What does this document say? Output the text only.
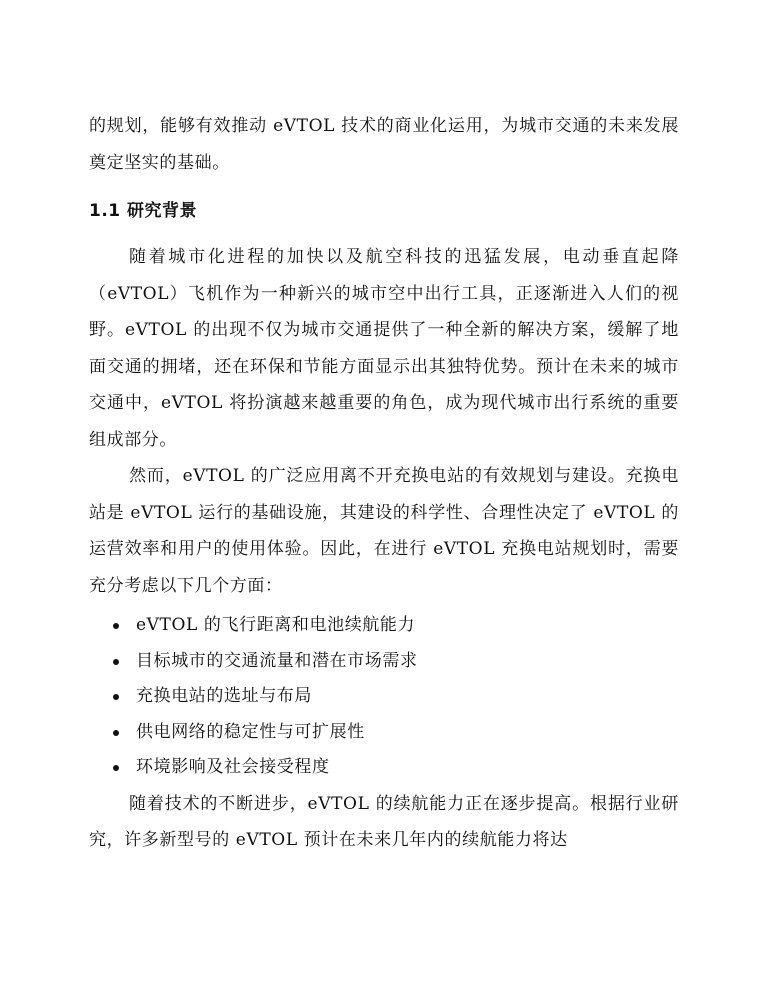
的规划，能够有效推动 eVTOL 技术的商业化运用，为城市交通的未来发展奠定坚实的基础。

1.1 研究背景

随着城市化进程的加快以及航空科技的迅猛发展，电动垂直起降（eVTOL）飞机作为一种新兴的城市空中出行工具，正逐渐进入人们的视野。eVTOL 的出现不仅为城市交通提供了一种全新的解决方案，缓解了地面交通的拥堵，还在环保和节能方面显示出其独特优势。预计在未来的城市交通中，eVTOL 将扮演越来越重要的角色，成为现代城市出行系统的重要组成部分。

然而，eVTOL 的广泛应用离不开充换电站的有效规划与建设。充换电站是 eVTOL 运行的基础设施，其建设的科学性、合理性决定了 eVTOL 的运营效率和用户的使用体验。因此，在进行 eVTOL 充换电站规划时，需要充分考虑以下几个方面：

eVTOL 的飞行距离和电池续航能力
目标城市的交通流量和潜在市场需求
充换电站的选址与布局
供电网络的稳定性与可扩展性
环境影响及社会接受程度

随着技术的不断进步，eVTOL 的续航能力正在逐步提高。根据行业研究，许多新型号的 eVTOL 预计在未来几年内的续航能力将达
